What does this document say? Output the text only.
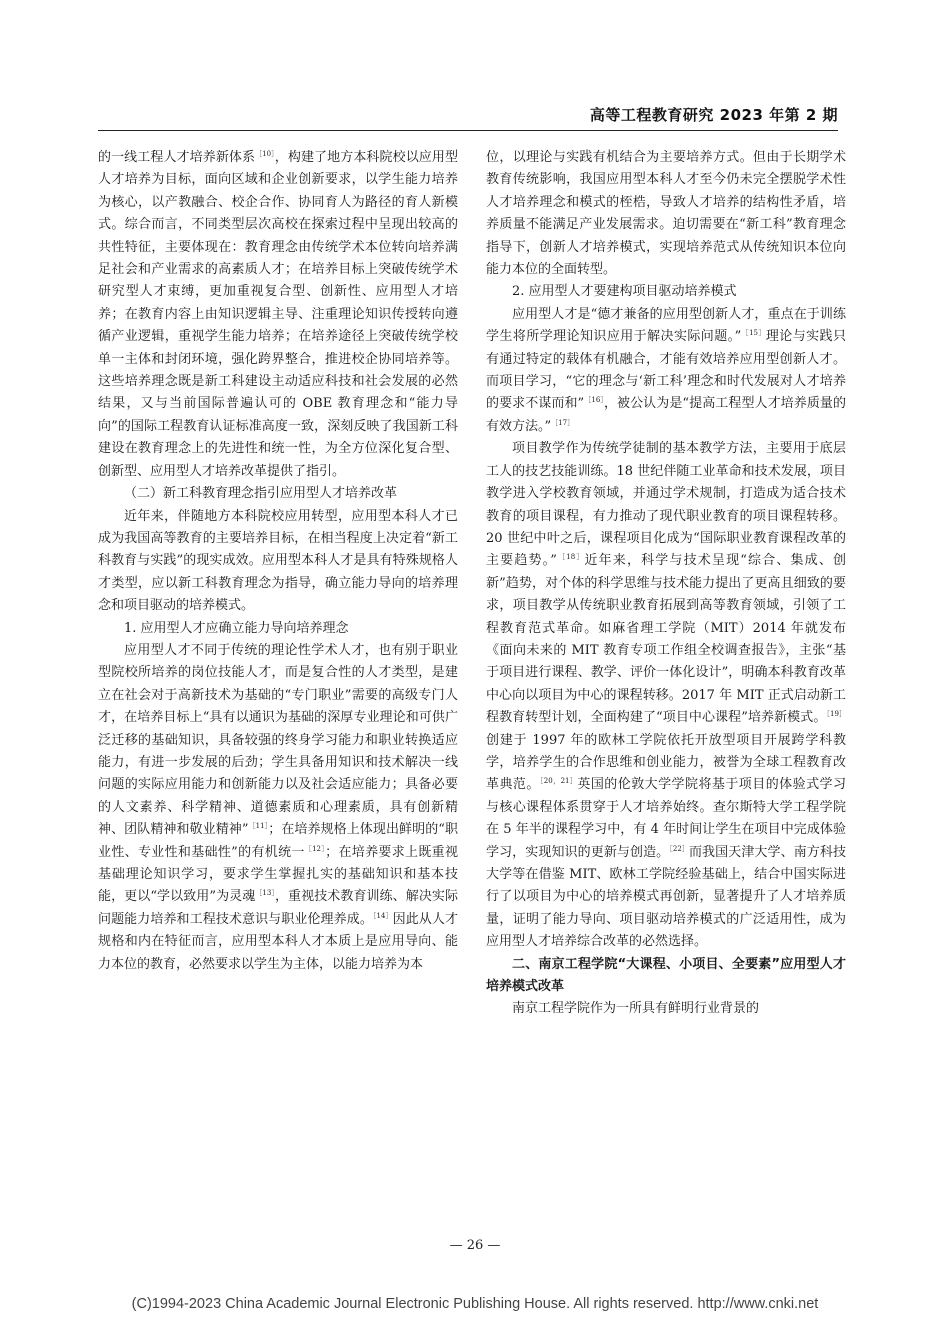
高等工程教育研究 2023 年第 2 期

的一线工程人才培养新体系$^{[10]}$，构建了地方本科院校以应用型人才培养为目标，面向区域和企业创新要求，以学生能力培养为核心，以产教融合、校企合作、协同育人为路径的育人新模式。综合而言，不同类型层次高校在探索过程中呈现出较高的共性特征，主要体现在：教育理念由传统学术本位转向培养满足社会和产业需求的高素质人才；在培养目标上突破传统学术研究型人才束缚，更加重视复合型、创新性、应用型人才培养；在教育内容上由知识逻辑主导、注重理论知识传授转向遵循产业逻辑，重视学生能力培养；在培养途径上突破传统学校单一主体和封闭环境，强化跨界整合，推进校企协同培养等。这些培养理念既是新工科建设主动适应科技和社会发展的必然结果，又与当前国际普遍认可的 OBE 教育理念和“能力导向”的国际工程教育认证标准高度一致，深刻反映了我国新工科建设在教育理念上的先进性和统一性，为全方位深化复合型、创新型、应用型人才培养改革提供了指引。

（二）新工科教育理念指引应用型人才培养改革

近年来，伴随地方本科院校应用转型，应用型本科人才已成为我国高等教育的主要培养目标，在相当程度上决定着“新工科教育与实践”的现实成效。应用型本科人才是具有特殊规格人才类型，应以新工科教育理念为指导，确立能力导向的培养理念和项目驱动的培养模式。

1. 应用型人才应确立能力导向培养理念

应用型人才不同于传统的理论性学术人才，也有别于职业型院校所培养的岗位技能人才，而是复合性的人才类型，是建立在社会对于高新技术为基础的“专门职业”需要的高级专门人才，在培养目标上“具有以通识为基础的深厚专业理论和可供广泛迁移的基础知识，具备较强的终身学习能力和职业转换适应能力，有进一步发展的后劲；学生具备用知识和技术解决一线问题的实际应用能力和创新能力以及社会适应能力；具备必要的人文素养、科学精神、道德素质和心理素质，具有创新精神、团队精神和敬业精神”$^{[11]}$；在培养规格上体现出鲜明的“职业性、专业性和基础性”的有机统一$^{[12]}$；在培养要求上既重视基础理论知识学习，要求学生掌握扎实的基础知识和基本技能，更以“学以致用”为灵魂$^{[13]}$，重视技术教育训练、解决实际问题能力培养和工程技术意识与职业伦理养成。$^{[14]}$因此从人才规格和内在特征而言，应用型本科人才本质上是应用导向、能力本位的教育，必然要求以学生为主体，以能力培养为本

位，以理论与实践有机结合为主要培养方式。但由于长期学术教育传统影响，我国应用型本科人才至今仍未完全摆脱学术性人才培养理念和模式的桎梏，导致人才培养的结构性矛盾，培养质量不能满足产业发展需求。迫切需要在“新工科”教育理念指导下，创新人才培养模式，实现培养范式从传统知识本位向能力本位的全面转型。

2. 应用型人才要建构项目驱动培养模式

应用型人才是“德才兼备的应用型创新人才，重点在于训练学生将所学理论知识应用于解决实际问题。”$^{[15]}$理论与实践只有通过特定的载体有机融合，才能有效培养应用型创新人才。而项目学习，“它的理念与‘新工科’理念和时代发展对人才培养的要求不谋而和”$^{[16]}$，被公认为是“提高工程型人才培养质量的有效方法。”$^{[17]}$

项目教学作为传统学徒制的基本教学方法，主要用于底层工人的技艺技能训练。18 世纪伴随工业革命和技术发展，项目教学进入学校教育领域，并通过学术规制，打造成为适合技术教育的项目课程，有力推动了现代职业教育的项目课程转移。20 世纪中叶之后，课程项目化成为“国际职业教育课程改革的主要趋势。”$^{[18]}$近年来，科学与技术呈现“综合、集成、创新”趋势，对个体的科学思维与技术能力提出了更高且细致的要求，项目教学从传统职业教育拓展到高等教育领域，引领了工程教育范式革命。如麻省理工学院（MIT）2014 年就发布《面向未来的 MIT 教育专项工作组全校调查报告》，主张“基于项目进行课程、教学、评价一体化设计”，明确本科教育改革中心向以项目为中心的课程转移。2017 年 MIT 正式启动新工程教育转型计划，全面构建了“项目中心课程”培养新模式。$^{[19]}$创建于 1997 年的欧林工学院依托开放型项目开展跨学科教学，培养学生的合作思维和创业能力，被誉为全球工程教育改革典范。$^{[20,21]}$英国的伦敦大学学院将基于项目的体验式学习与核心课程体系贯穿于人才培养始终。查尔斯特大学工程学院在 5 年半的课程学习中，有 4 年时间让学生在项目中完成体验学习，实现知识的更新与创造。$^{[22]}$而我国天津大学、南方科技大学等在借鉴 MIT、欧林工学院经验基础上，结合中国实际进行了以项目为中心的培养模式再创新，显著提升了人才培养质量，证明了能力导向、项目驱动培养模式的广泛适用性，成为应用型人才培养综合改革的必然选择。

二、南京工程学院“大课程、小项目、全要素”应用型人才培养模式改革

南京工程学院作为一所具有鲜明行业背景的

— 26 —
(C)1994-2023 China Academic Journal Electronic Publishing House. All rights reserved. http://www.cnki.net
